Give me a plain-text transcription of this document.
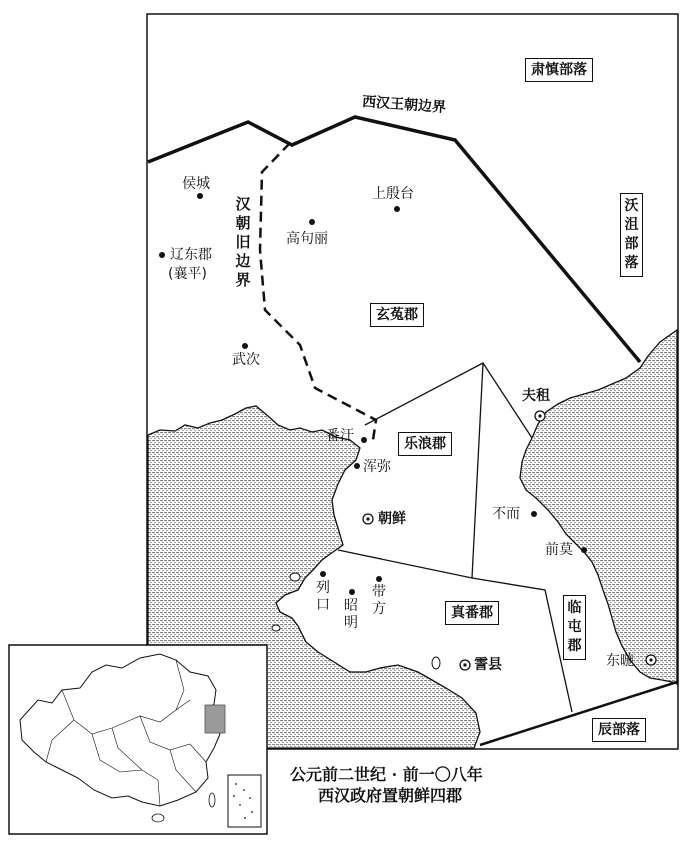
肃慎部落
沃沮部落
辰部落
玄菟郡
乐浪郡
真番郡	临屯郡
西汉王朝边界
汉朝旧边界
侯城
辽东郡
(襄平)
武次
高句丽
上殷台
番汗
浑弥
朝鲜
列口 昭明
带方
夫租
不而
前莫
东暆
霅县
公元前二世纪 · 前一〇八年
西汉政府置朝鲜四郡
